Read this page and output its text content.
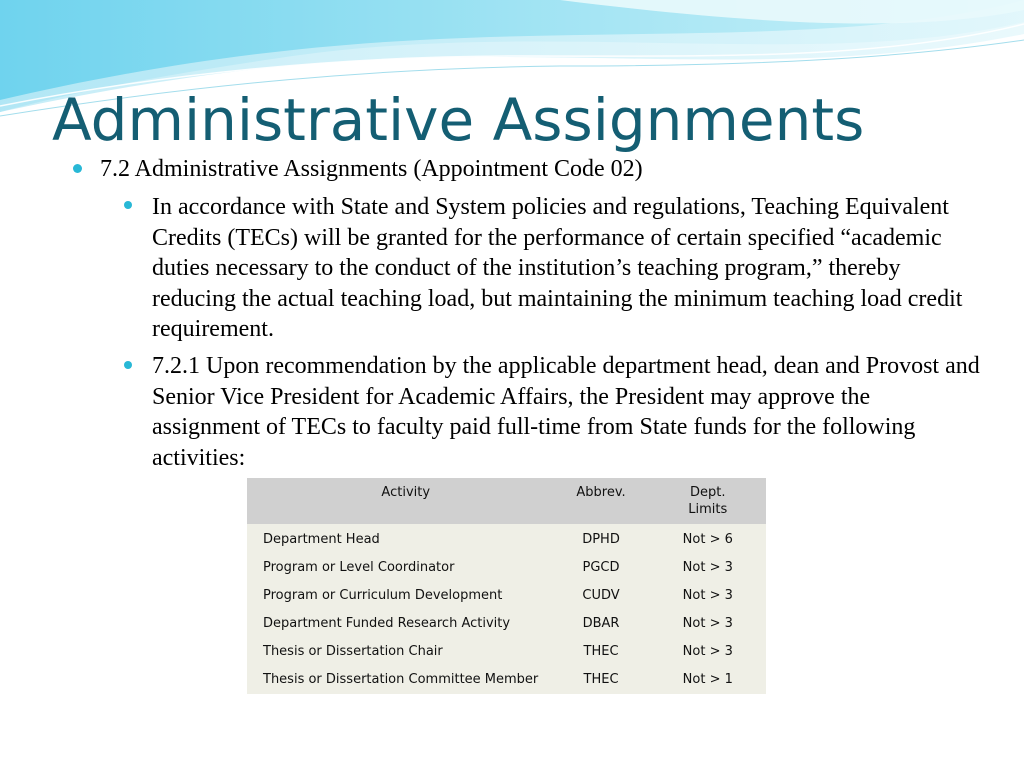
Administrative Assignments
7.2 Administrative Assignments (Appointment Code 02)
In accordance with State and System policies and regulations, Teaching Equivalent Credits (TECs) will be granted for the performance of certain specified “academic duties necessary to the conduct of the institution’s teaching program,” thereby reducing the actual teaching load, but maintaining the minimum teaching load credit requirement.
7.2.1 Upon recommendation by the applicable department head, dean and Provost and Senior Vice President for Academic Affairs, the President may approve the assignment of TECs to faculty paid full-time from State funds for the following activities:
Activity	Abbrev.	Dept.
Limits
Department Head	DPHD	Not > 6
Program or Level Coordinator	PGCD	Not > 3
Program or Curriculum Development	CUDV	Not > 3
Department Funded Research Activity	DBAR	Not > 3
Thesis or Dissertation Chair	THEC	Not > 3
Thesis or Dissertation Committee Member	THEC	Not > 1
